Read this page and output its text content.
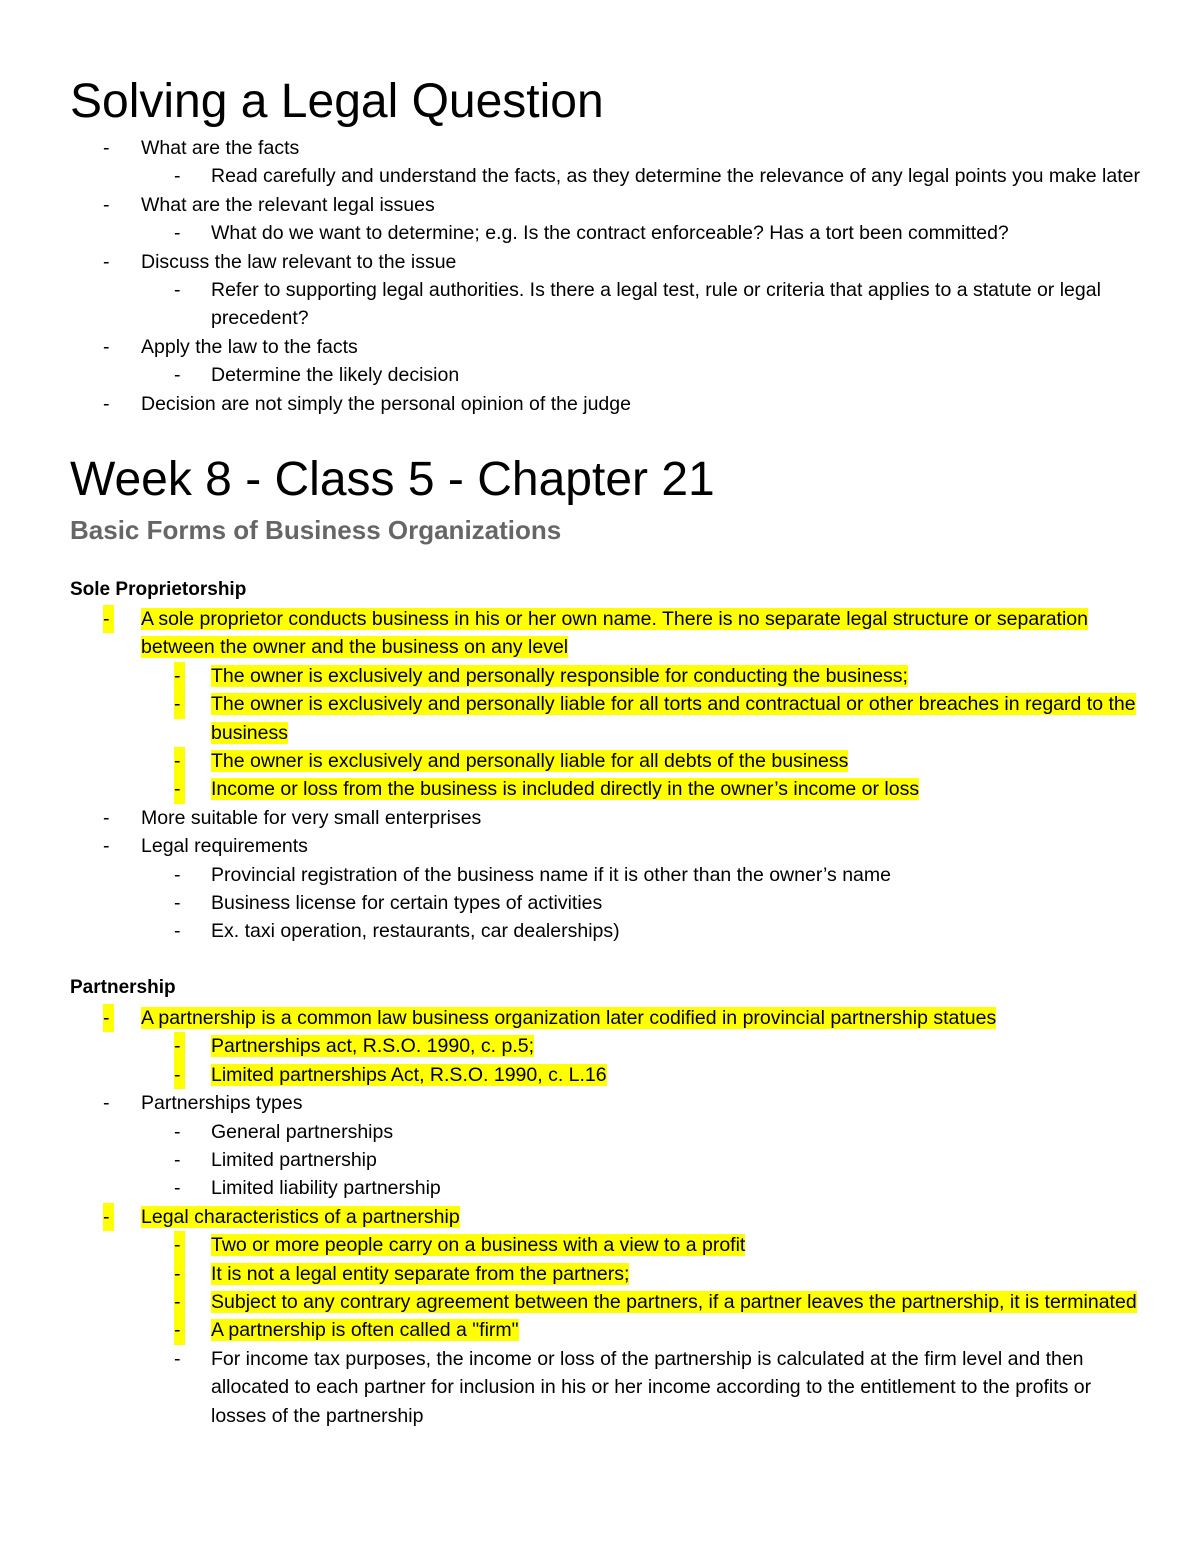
Solving a Legal Question
- What are the facts
- Read carefully and understand the facts, as they determine the relevance of any legal points you make later
- What are the relevant legal issues
- What do we want to determine; e.g. Is the contract enforceable? Has a tort been committed?
- Discuss the law relevant to the issue
- Refer to supporting legal authorities. Is there a legal test, rule or criteria that applies to a statute or legal precedent?
- Apply the law to the facts
- Determine the likely decision
- Decision are not simply the personal opinion of the judge
Week 8 - Class 5 - Chapter 21
Basic Forms of Business Organizations
Sole Proprietorship
- A sole proprietor conducts business in his or her own name. There is no separate legal structure or separation between the owner and the business on any level
- The owner is exclusively and personally responsible for conducting the business;
- The owner is exclusively and personally liable for all torts and contractual or other breaches in regard to the business
- The owner is exclusively and personally liable for all debts of the business
- Income or loss from the business is included directly in the owner’s income or loss
- More suitable for very small enterprises
- Legal requirements
- Provincial registration of the business name if it is other than the owner’s name
- Business license for certain types of activities
- Ex. taxi operation, restaurants, car dealerships)
Partnership
- A partnership is a common law business organization later codified in provincial partnership statues
- Partnerships act, R.S.O. 1990, c. p.5;
- Limited partnerships Act, R.S.O. 1990, c. L.16
- Partnerships types
- General partnerships
- Limited partnership
- Limited liability partnership
- Legal characteristics of a partnership
- Two or more people carry on a business with a view to a profit
- It is not a legal entity separate from the partners;
- Subject to any contrary agreement between the partners, if a partner leaves the partnership, it is terminated
- A partnership is often called a "firm"
- For income tax purposes, the income or loss of the partnership is calculated at the firm level and then allocated to each partner for inclusion in his or her income according to the entitlement to the profits or losses of the partnership
